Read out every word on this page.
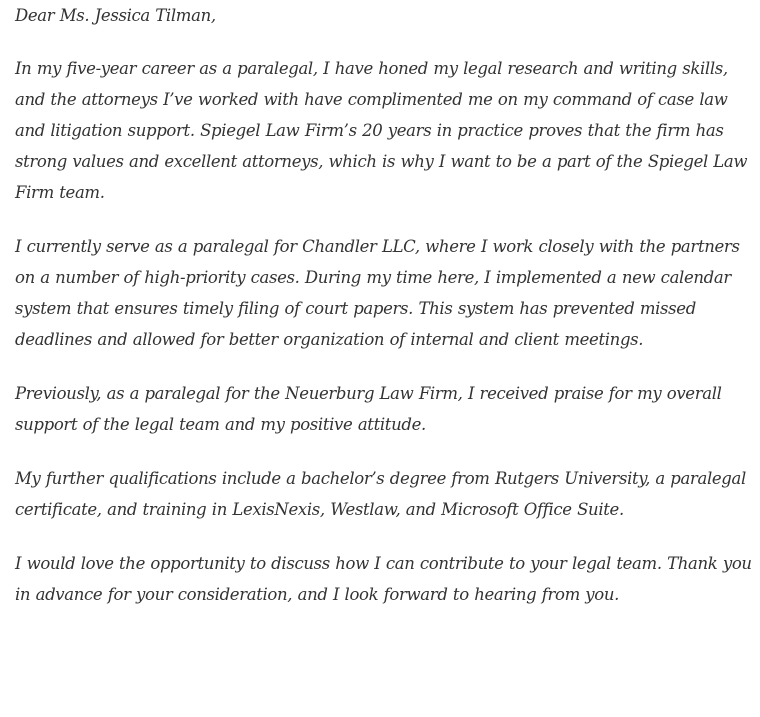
Dear Ms. Jessica Tilman,

In my five-year career as a paralegal, I have honed my legal research and writing skills, and the attorneys I’ve worked with have complimented me on my command of case law and litigation support. Spiegel Law Firm’s 20 years in practice proves that the firm has strong values and excellent attorneys, which is why I want to be a part of the Spiegel Law Firm team.

I currently serve as a paralegal for Chandler LLC, where I work closely with the partners on a number of high-priority cases. During my time here, I implemented a new calendar system that ensures timely filing of court papers. This system has prevented missed deadlines and allowed for better organization of internal and client meetings.

Previously, as a paralegal for the Neuerburg Law Firm, I received praise for my overall support of the legal team and my positive attitude.

My further qualifications include a bachelor’s degree from Rutgers University, a paralegal certificate, and training in LexisNexis, Westlaw, and Microsoft Office Suite.

I would love the opportunity to discuss how I can contribute to your legal team. Thank you in advance for your consideration, and I look forward to hearing from you.
